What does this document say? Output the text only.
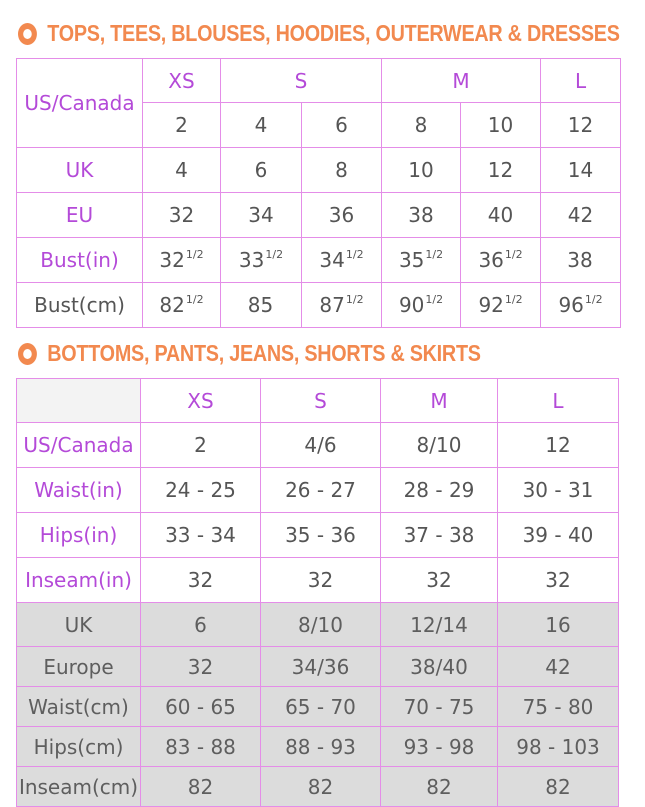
TOPS, TEES, BLOUSES, HOODIES, OUTERWEAR & DRESSES
US/Canada	XS	S		M		L
	2	4	6	8	10	12
UK	4	6	8	10	12	14
EU	32	34	36	38	40	42
Bust(in)	$32^{1/2}$	$33^{1/2}$	$34^{1/2}$	$35^{1/2}$	$36^{1/2}$	38
Bust(cm)	$82^{1/2}$	85	$87^{1/2}$	$90^{1/2}$	$92^{1/2}$	$96^{1/2}$
BOTTOMS, PANTS, JEANS, SHORTS & SKIRTS
	XS	S	M	L
US/Canada	2	4/6	8/10	12
Waist(in)	24 - 25	26 - 27	28 - 29	30 - 31
Hips(in)	33 - 34	35 - 36	37 - 38	39 - 40
Inseam(in)	32	32	32	32
UK	6	8/10	12/14	16
Europe	32	34/36	38/40	42
Waist(cm)	60 - 65	65 - 70	70 - 75	75 - 80
Hips(cm)	83 - 88	88 - 93	93 - 98	98 - 103
Inseam(cm)	82	82	82	82
